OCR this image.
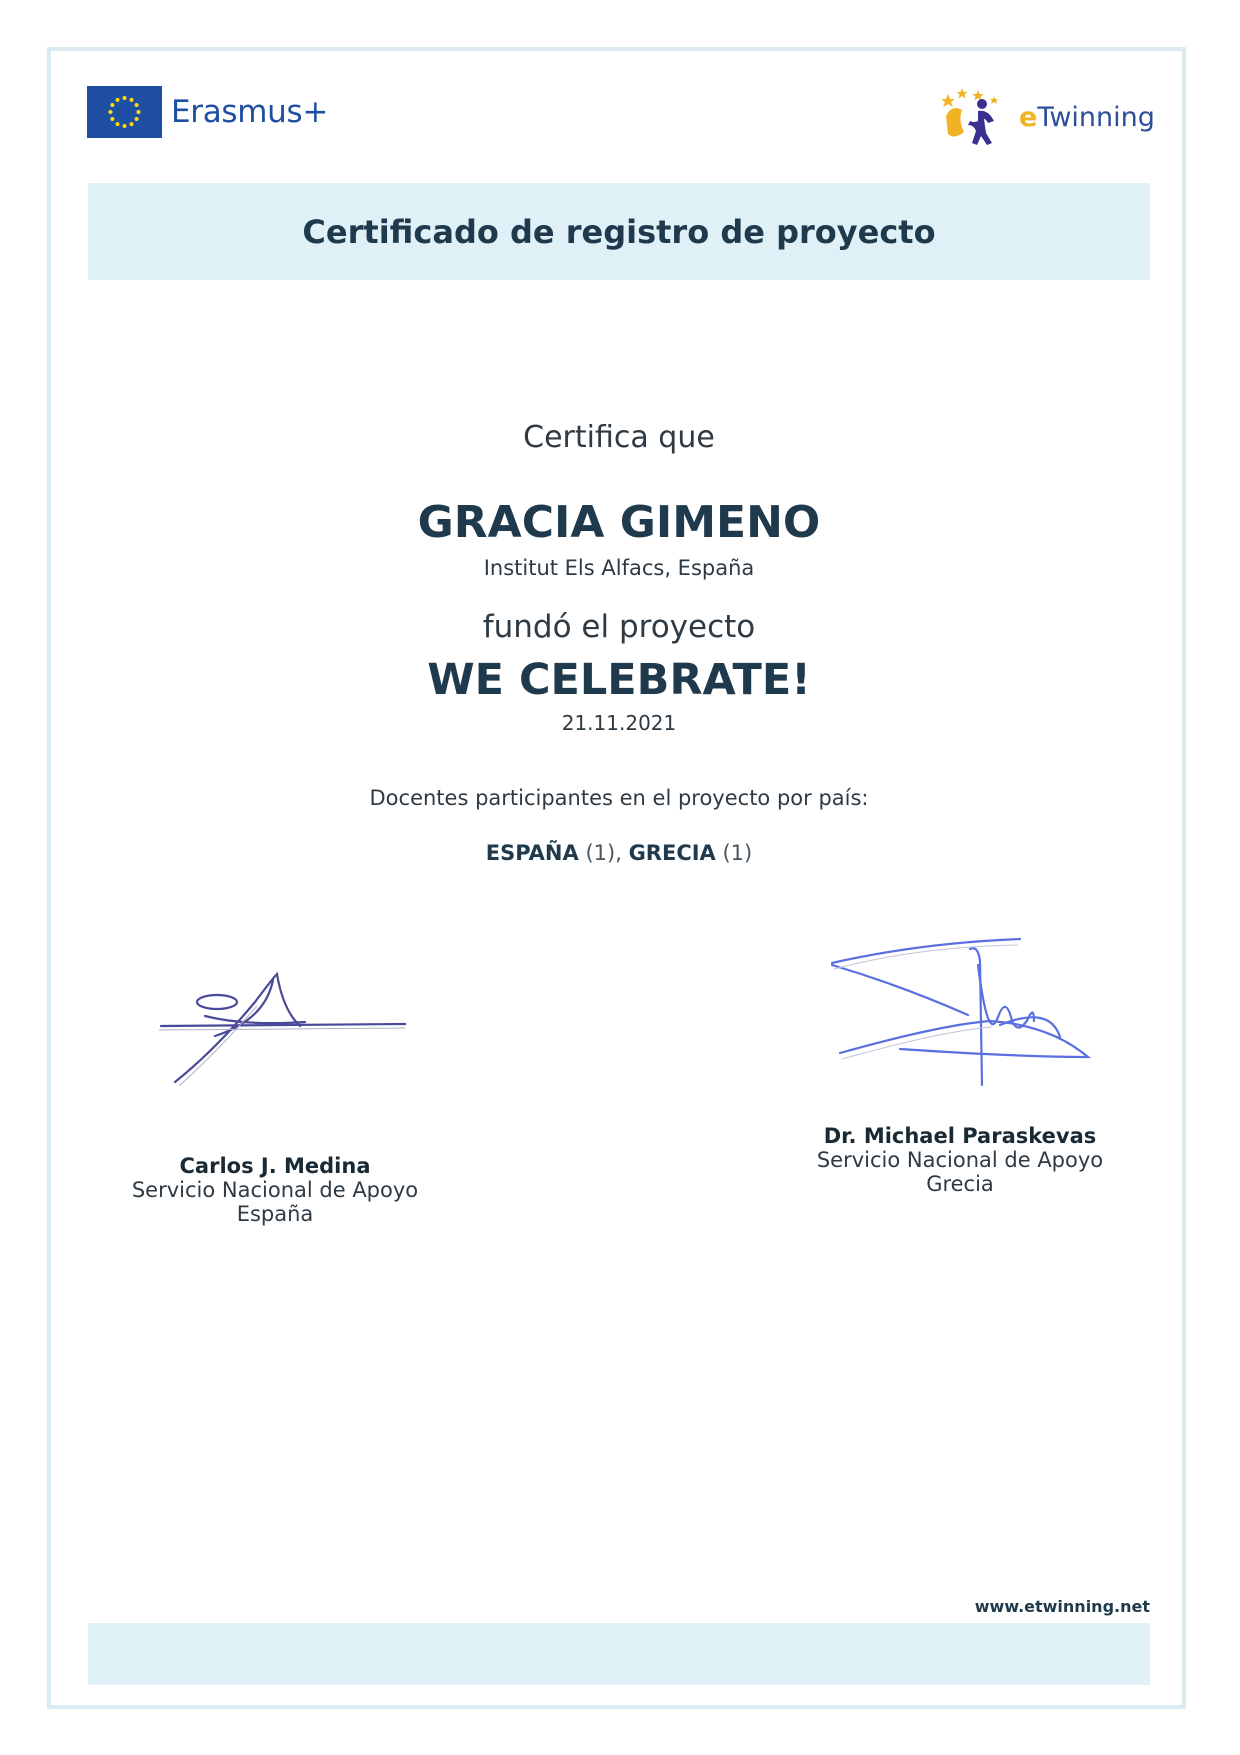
Erasmus+	eTwinning
Certificado de registro de proyecto
Certifica que
GRACIA GIMENO
Institut Els Alfacs, España
fundó el proyecto
WE CELEBRATE!
21.11.2021
Docentes participantes en el proyecto por país:
ESPAÑA (1), GRECIA (1)
Carlos J. Medina
Servicio Nacional de Apoyo
España
Dr. Michael Paraskevas
Servicio Nacional de Apoyo
Grecia
www.etwinning.net
